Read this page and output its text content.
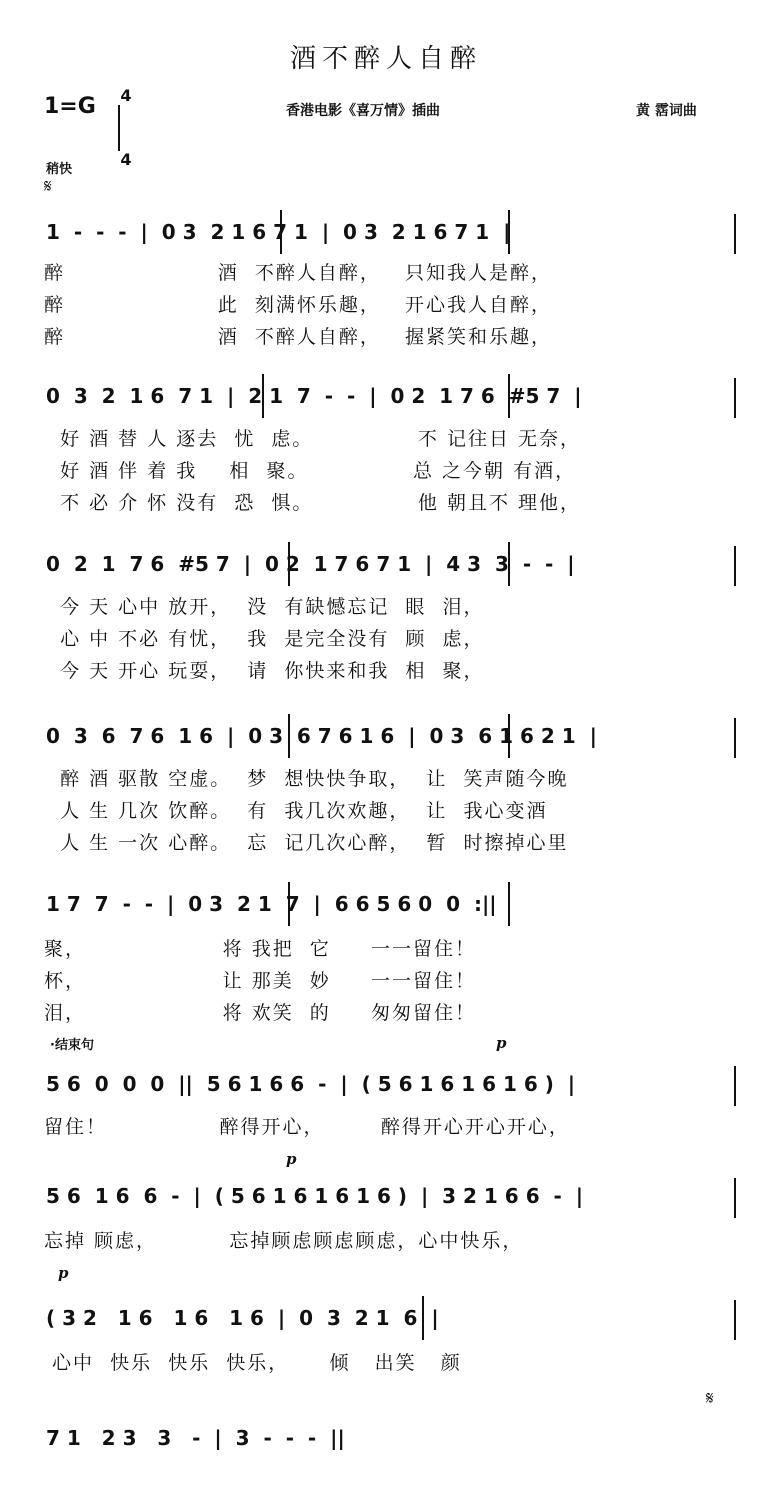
酒不醉人自醉
1=G 4
4
香港电影《喜万情》插曲	黄 霑词曲
稍快
𝄋
1  -  -  -  |  0 3  2 1 6 7 1  |  0 3  2 1 6 7 1  |
醉                   酒  不醉人自醉，   只知我人是醉，
醉                   此  刻满怀乐趣，   开心我人自醉，
醉                   酒  不醉人自醉，   握紧笑和乐趣，
0  3  2  1 6  7 1  |  2 1  7  -  -  |  0 2  1 7 6  #5 7  |
好 酒 替 人 逐去  忧  虑。             不 记往日 无奈，
好 酒 伴 着 我    相  聚。             总 之今朝 有酒，
不 必 介 怀 没有  恐  惧。             他 朝且不 理他，
0  2  1  7 6  #5 7  |  0 2  1 7 6 7 1  |  4 3  3  -  -  |
今 天 心中 放开，  没  有缺憾忘记  眼  泪，
心 中 不必 有忧，  我  是完全没有  顾  虑，
今 天 开心 玩耍，  请  你快来和我  相  聚，
0  3  6  7 6  1 6  |  0 3  6 7 6 1 6  |  0 3  6 1 6 2 1  |
醉 酒 驱散 空虚。  梦  想快快争取，  让  笑声随今晚
人 生 几次 饮醉。  有  我几次欢趣，  让  我心变酒
人 生 一次 心醉。  忘  记几次心醉，  暂  时擦掉心里
1 7  7  -  -  |  0 3  2 1  7  |  6 6 5 6 0  0  :||
聚，                 将 我把  它     一一留住！
杯，                 让 那美  妙     一一留住！
泪，                 将 欢笑  的     匆匆留住！
·结束句	p
5 6  0  0  0  ||  5 6 1 6 6  -  |  ( 5 6 1 6 1 6 1 6 )  |
留住！              醉得开心，       醉得开心开心开心，
p
5 6  1 6  6  -  |  ( 5 6 1 6 1 6 1 6 )  |  3 2 1 6 6  -  |
忘掉 顾虑，         忘掉顾虑顾虑顾虑，心中快乐，
p
( 3 2   1 6   1 6   1 6  |  0  3  2 1  6  |
心中  快乐  快乐  快乐，     倾   出笑   颜
𝄋
7 1   2 3   3   -  |  3  -  -  -  ||
